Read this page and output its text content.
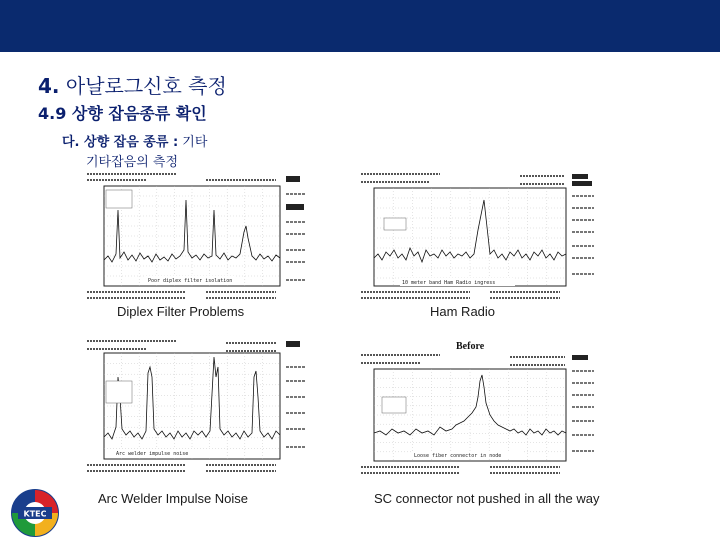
4. 아날로그신호 측정
4.9 상향 잡음종류 확인
다. 상향 잡음 종류 : 기타
기타잡음의 측정
Poor diplex filter isolation
Diplex Filter Problems
10 meter band Ham Radio ingress
Ham Radio
Arc welder impulse noise
Arc Welder Impulse Noise
Before
Loose fiber connector in node
SC connector not pushed in all the way
KTEC
